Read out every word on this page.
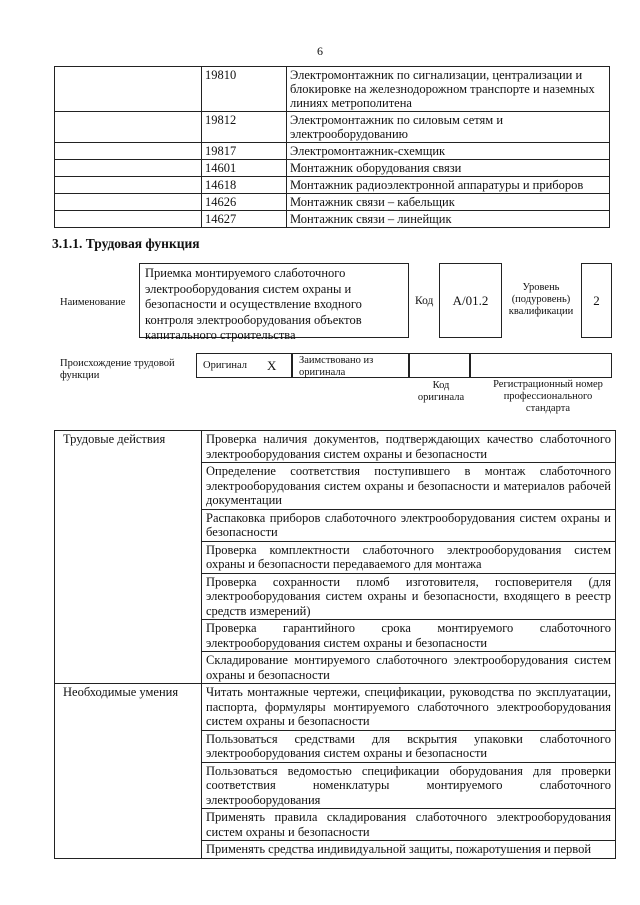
6
	19810	Электромонтажник по сигнализации, централизации и блокировке на железнодорожном транспорте и наземных линиях метрополитена
	19812	Электромонтажник по силовым сетям и электрооборудованию
	19817	Электромонтажник-схемщик
	14601	Монтажник оборудования связи
	14618	Монтажник радиоэлектронной аппаратуры и приборов
	14626	Монтажник связи – кабельщик
	14627	Монтажник связи – линейщик
3.1.1. Трудовая функция
Наименование
Приемка монтируемого слаботочного электрооборудования систем охраны и безопасности и осуществление входного контроля электрооборудования объектов капитального строительства
Код	А/01.2
Уровень (подуровень) квалификации
2
Происхождение трудовой функции
Оригинал X Заимствовано из оригинала
Код оригинала
Регистрационный номер профессионального стандарта
Трудовые действия	Проверка наличия документов, подтверждающих качество слаботочного электрооборудования систем охраны и безопасности
	Определение соответствия поступившего в монтаж слаботочного электрооборудования систем охраны и безопасности и материалов рабочей документации
	Распаковка приборов слаботочного электрооборудования систем охраны и безопасности
	Проверка комплектности слаботочного электрооборудования систем охраны и безопасности передаваемого для монтажа
	Проверка сохранности пломб изготовителя, госповерителя (для электрооборудования систем охраны и безопасности, входящего в реестр средств измерений)
	Проверка гарантийного срока монтируемого слаботочного электрооборудования систем охраны и безопасности
	Складирование монтируемого слаботочного электрооборудования систем охраны и безопасности
Необходимые умения	Читать монтажные чертежи, спецификации, руководства по эксплуатации, паспорта, формуляры монтируемого слаботочного электрооборудования систем охраны и безопасности
	Пользоваться средствами для вскрытия упаковки слаботочного электрооборудования систем охраны и безопасности
	Пользоваться ведомостью спецификации оборудования для проверки соответствия номенклатуры монтируемого слаботочного электрооборудования
	Применять правила складирования слаботочного электрооборудования систем охраны и безопасности
	Применять средства индивидуальной защиты, пожаротушения и первой
